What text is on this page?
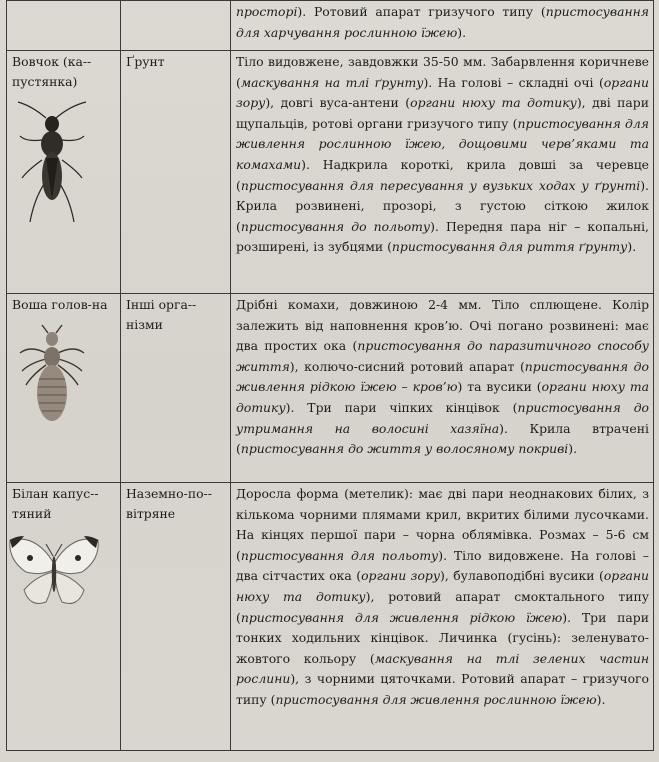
		просторі). Ротовий апарат гризучого типу (пристосування для харчування рослинною їжею).

Вовчок (ка-пустянка)	Ґрунт	Тіло видовжене, завдовжки 35-50 мм. Забарвлення коричневе (маскування на тлі ґрунту). На голові – складні очі (органи зору), довгі вуса-антени (органи нюху та дотику), дві пари щупальців, ротові органи гризучого типу (пристосування для живлення рослинною їжею, дощовими черв’яками та комахами). Надкрила короткі, крила довші за черевце (пристосування для пересування у вузьких ходах у ґрунті). Крила розвинені, прозорі, з густою сіткою жилок (пристосування до польоту). Передня пара ніг – копальні, розширені, із зубцями (пристосування для риття ґрунту).

Воша голов-на	Інші орга-нізми	Дрібні комахи, довжиною 2-4 мм. Тіло сплющене. Колір залежить від наповнення кров’ю. Очі погано розвинені: має два простих ока (пристосування до паразитичного способу життя), колючо-сисний ротовий апарат (пристосування до живлення рідкою їжею – кров’ю) та вусики (органи нюху та дотику). Три пари чіпких кінцівок (пристосування до утримання на волосині хазяїна). Крила втрачені (пристосування до життя у волосяному покриві).

Білан капус-тяний	Наземно-по-вітряне	Доросла форма (метелик): має дві пари неоднакових білих, з кількома чорними плямами крил, вкритих білими лусочками. На кінцях першої пари – чорна облямівка. Розмах – 5-6 см (пристосування для польоту). Тіло видовжене. На голові – два сітчастих ока (органи зору), булавоподібні вусики (органи нюху та дотику), ротовий апарат смоктального типу (пристосування для живлення рідкою їжею). Три пари тонких ходильних кінцівок. Личинка (гусінь): зеленувато-жовтого кольору (маскування на тлі зелених частин рослини), з чорними цяточками. Ротовий апарат – гризучого типу (пристосування для живлення рослинною їжею).
